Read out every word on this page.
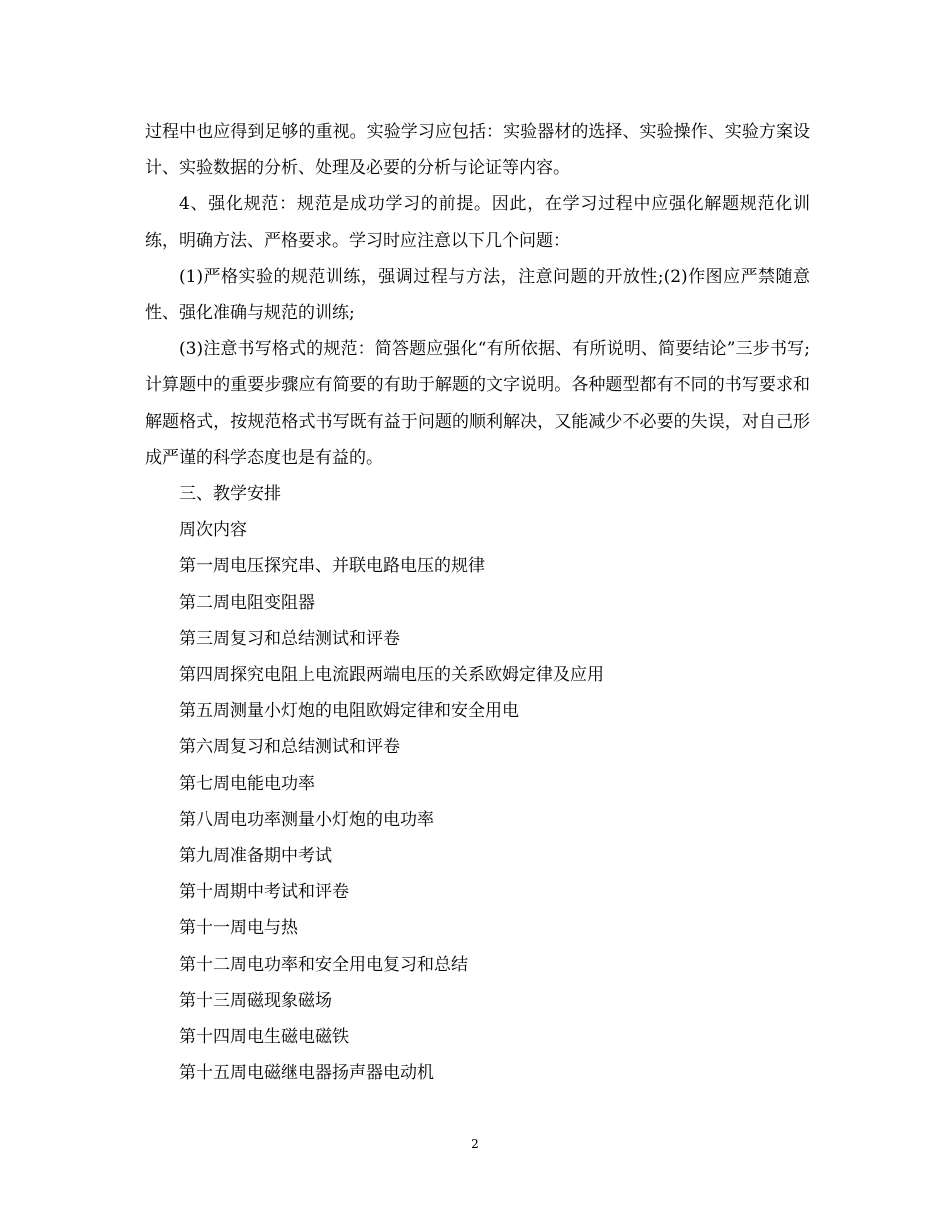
过程中也应得到足够的重视。实验学习应包括：实验器材的选择、实验操作、实验方案设计、实验数据的分析、处理及必要的分析与论证等内容。

4、强化规范：规范是成功学习的前提。因此，在学习过程中应强化解题规范化训练，明确方法、严格要求。学习时应注意以下几个问题：

(1)严格实验的规范训练，强调过程与方法，注意问题的开放性;(2)作图应严禁随意性、强化准确与规范的训练;

(3)注意书写格式的规范：简答题应强化“有所依据、有所说明、简要结论”三步书写;计算题中的重要步骤应有简要的有助于解题的文字说明。各种题型都有不同的书写要求和解题格式，按规范格式书写既有益于问题的顺利解决，又能减少不必要的失误，对自己形成严谨的科学态度也是有益的。

三、教学安排

周次内容

第一周电压探究串、并联电路电压的规律

第二周电阻变阻器

第三周复习和总结测试和评卷

第四周探究电阻上电流跟两端电压的关系欧姆定律及应用

第五周测量小灯炮的电阻欧姆定律和安全用电

第六周复习和总结测试和评卷

第七周电能电功率

第八周电功率测量小灯炮的电功率

第九周准备期中考试

第十周期中考试和评卷

第十一周电与热

第十二周电功率和安全用电复习和总结

第十三周磁现象磁场

第十四周电生磁电磁铁

第十五周电磁继电器扬声器电动机

2
